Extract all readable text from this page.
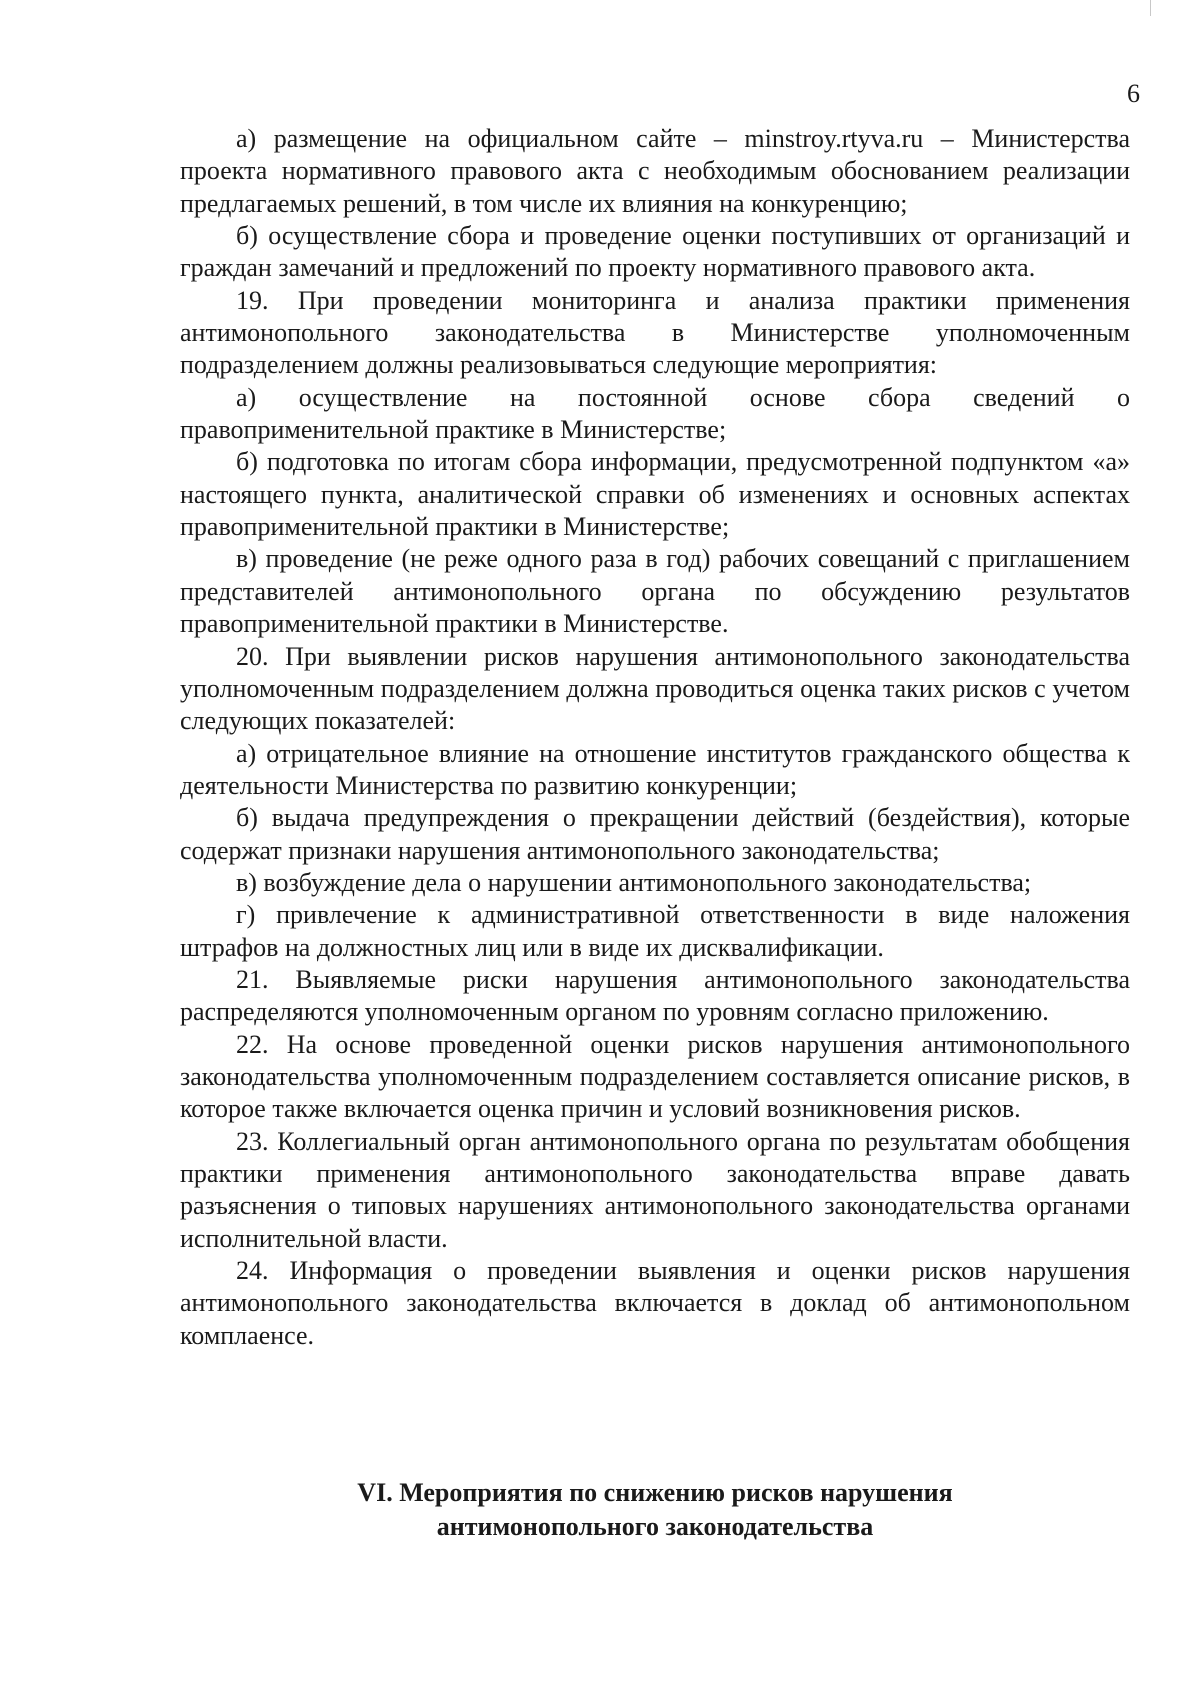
6

а) размещение на официальном сайте – minstroy.rtyva.ru – Министерства проекта нормативного правового акта с необходимым обоснованием реализации предлагаемых решений, в том числе их влияния на конкуренцию;

б) осуществление сбора и проведение оценки поступивших от организаций и граждан замечаний и предложений по проекту нормативного правового акта.

19. При проведении мониторинга и анализа практики применения антимонопольного законодательства в Министерстве уполномоченным подразделением должны реализовываться следующие мероприятия:

а) осуществление на постоянной основе сбора сведений о правоприменительной практике в Министерстве;

б) подготовка по итогам сбора информации, предусмотренной подпунктом «а» настоящего пункта, аналитической справки об изменениях и основных аспектах правоприменительной практики в Министерстве;

в) проведение (не реже одного раза в год) рабочих совещаний с приглашением представителей антимонопольного органа по обсуждению результатов правоприменительной практики в Министерстве.

20. При выявлении рисков нарушения антимонопольного законодательства уполномоченным подразделением должна проводиться оценка таких рисков с учетом следующих показателей:

а) отрицательное влияние на отношение институтов гражданского общества к деятельности Министерства по развитию конкуренции;

б) выдача предупреждения о прекращении действий (бездействия), которые содержат признаки нарушения антимонопольного законодательства;

в) возбуждение дела о нарушении антимонопольного законодательства;

г) привлечение к административной ответственности в виде наложения штрафов на должностных лиц или в виде их дисквалификации.

21. Выявляемые риски нарушения антимонопольного законодательства распределяются уполномоченным органом по уровням согласно приложению.

22. На основе проведенной оценки рисков нарушения антимонопольного законодательства уполномоченным подразделением составляется описание рисков, в которое также включается оценка причин и условий возникновения рисков.

23. Коллегиальный орган антимонопольного органа по результатам обобщения практики применения антимонопольного законодательства вправе давать разъяснения о типовых нарушениях антимонопольного законодательства органами исполнительной власти.

24. Информация о проведении выявления и оценки рисков нарушения антимонопольного законодательства включается в доклад об антимонопольном комплаенсе.

VI. Мероприятия по снижению рисков нарушения
антимонопольного законодательства
